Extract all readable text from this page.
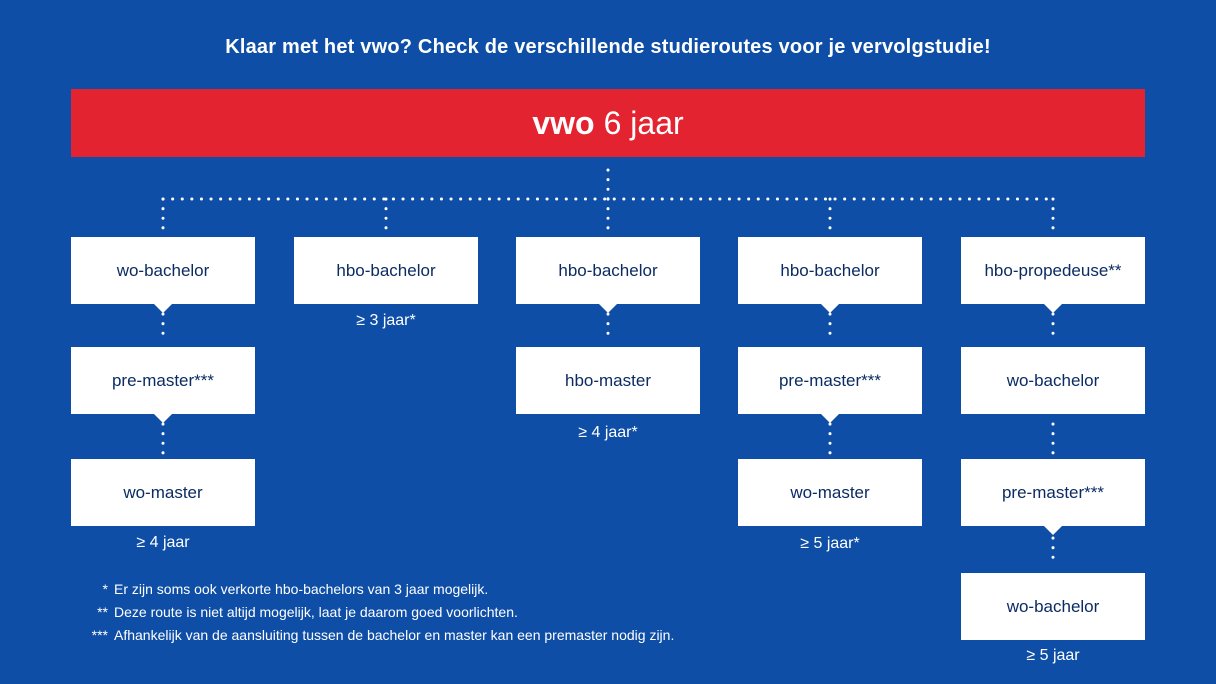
Klaar met het vwo? Check de verschillende studieroutes voor je vervolgstudie!
vwo 6 jaar
wo-bachelor
pre-master***
wo-master
≥ 4 jaar
hbo-bachelor
≥ 3 jaar*
hbo-bachelor
hbo-master
≥ 4 jaar*
hbo-bachelor
pre-master***
wo-master
≥ 5 jaar*
hbo-propedeuse**
wo-bachelor
pre-master***
wo-bachelor
≥ 5 jaar
* Er zijn soms ook verkorte hbo-bachelors van 3 jaar mogelijk.
** Deze route is niet altijd mogelijk, laat je daarom goed voorlichten.
*** Afhankelijk van de aansluiting tussen de bachelor en master kan een premaster nodig zijn.
